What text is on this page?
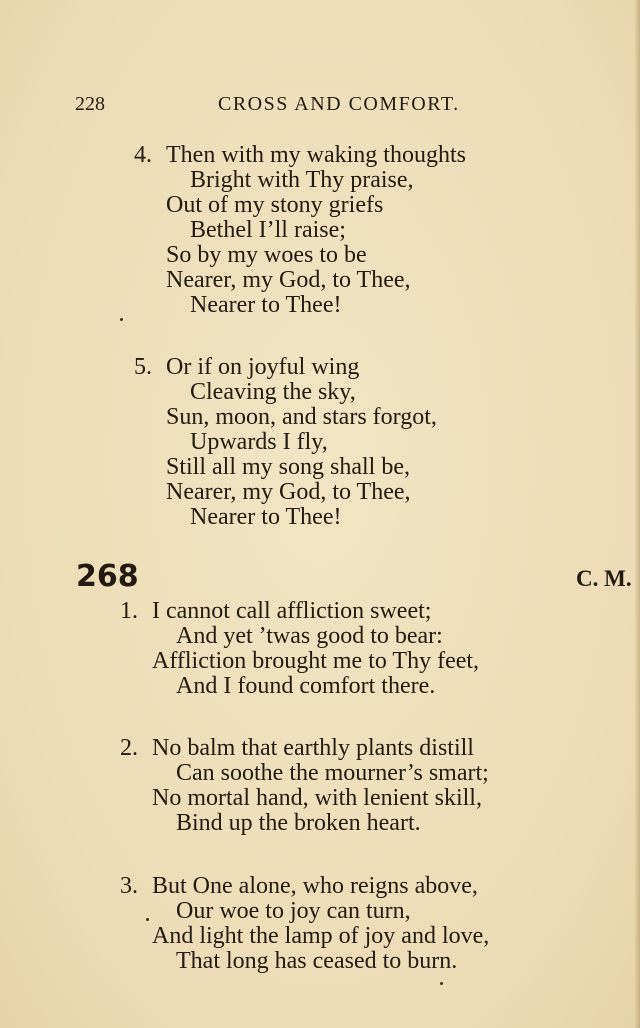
228	CROSS AND COMFORT.
4. Then with my waking thoughts
Bright with Thy praise,
Out of my stony griefs
Bethel I’ll raise;
So by my woes to be
Nearer, my God, to Thee,
Nearer to Thee!
5. Or if on joyful wing
Cleaving the sky,
Sun, moon, and stars forgot,
Upwards I fly,
Still all my song shall be,
Nearer, my God, to Thee,
Nearer to Thee!
268	C. M.
1. I cannot call affliction sweet;
And yet ’twas good to bear:
Affliction brought me to Thy feet,
And I found comfort there.
2. No balm that earthly plants distill
Can soothe the mourner’s smart;
No mortal hand, with lenient skill,
Bind up the broken heart.
3. But One alone, who reigns above,
Our woe to joy can turn,
And light the lamp of joy and love,
That long has ceased to burn.
